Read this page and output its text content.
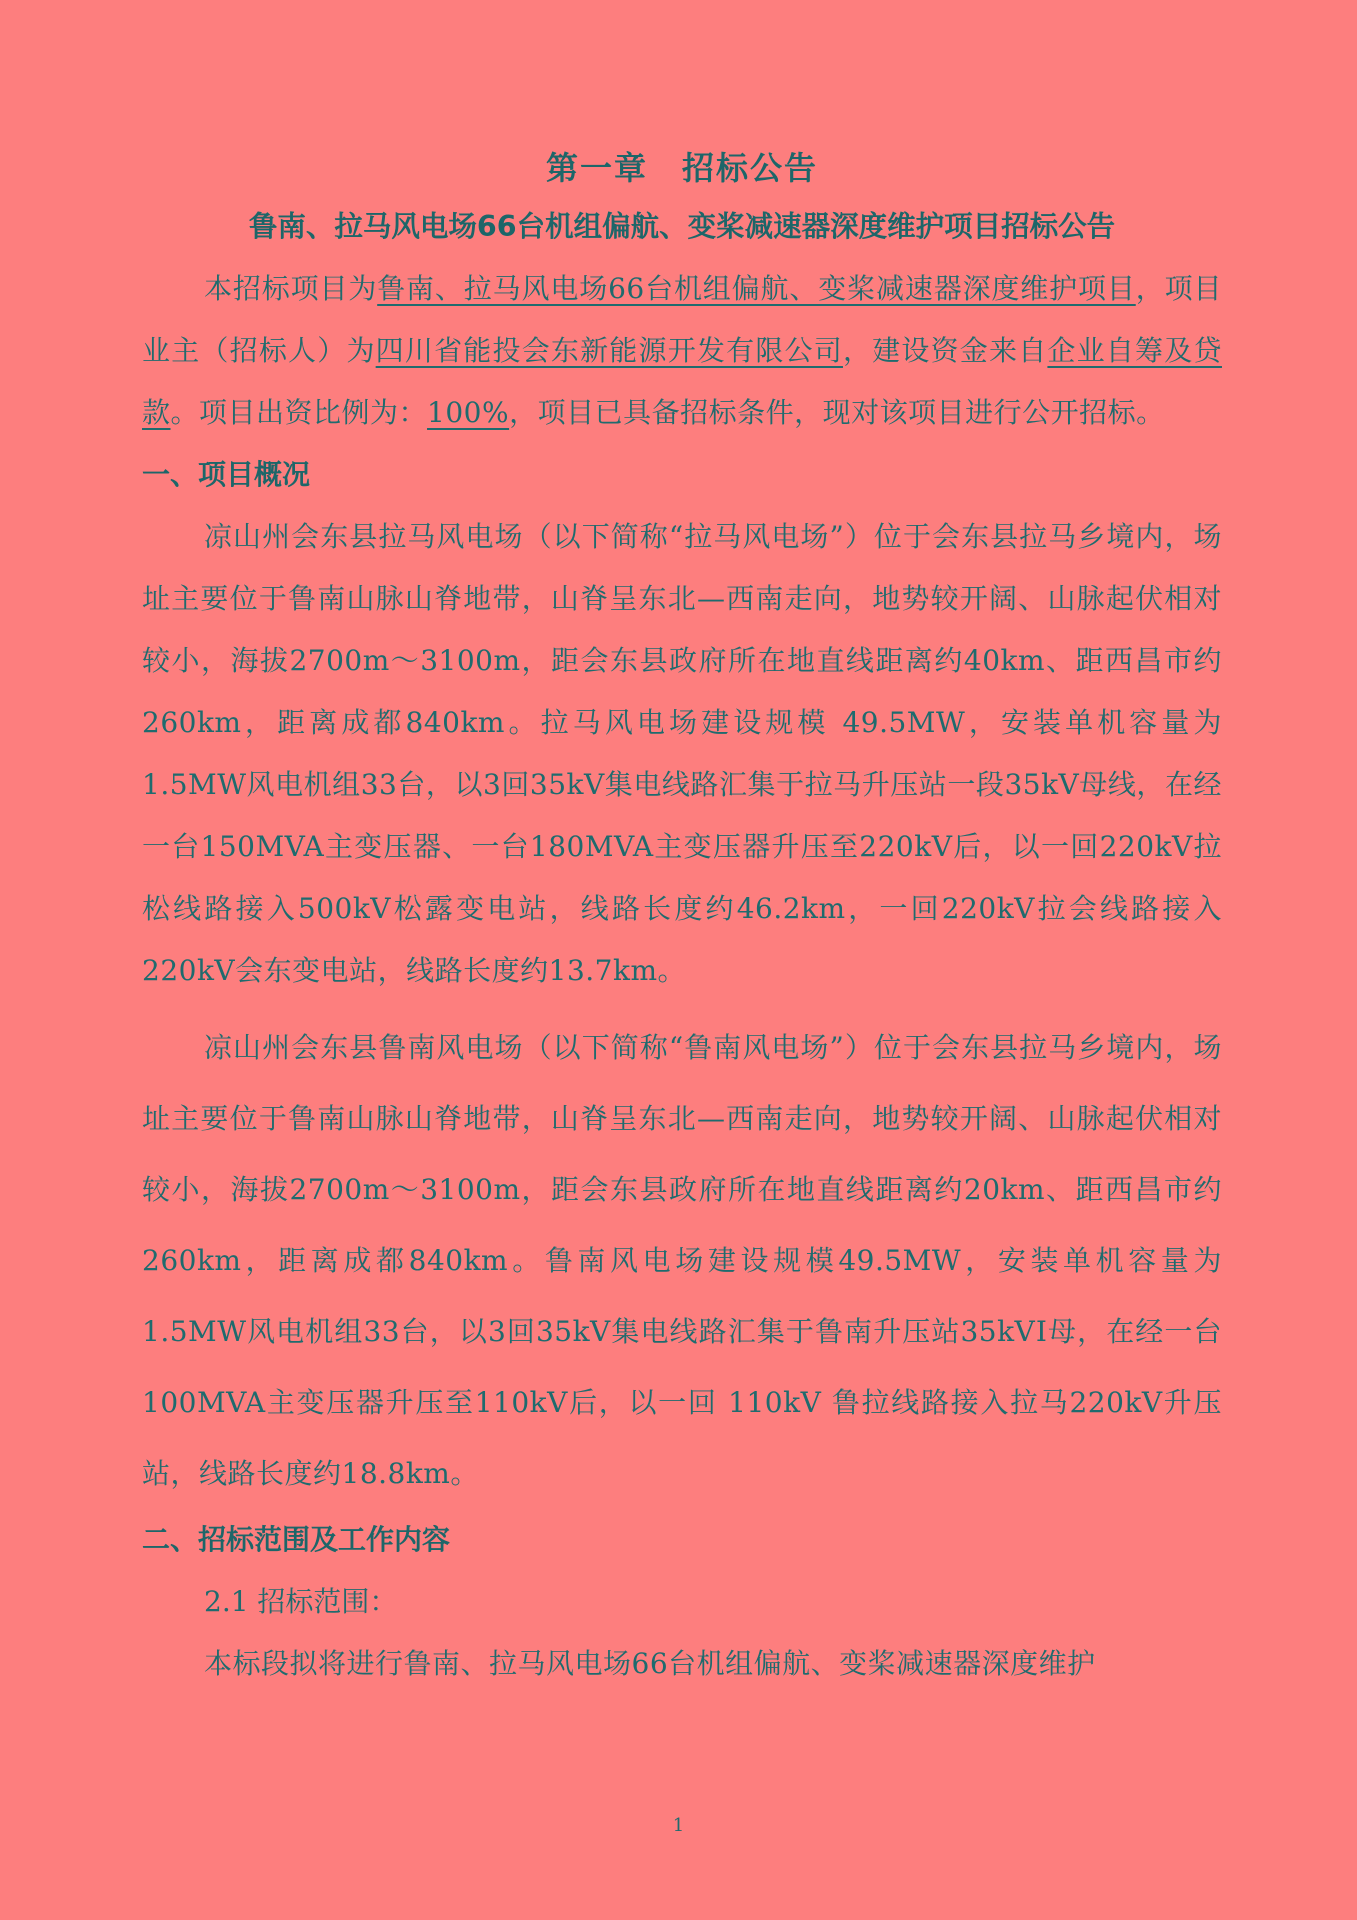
第一章　招标公告
鲁南、拉马风电场66台机组偏航、变桨减速器深度维护项目招标公告

本招标项目为鲁南、拉马风电场66台机组偏航、变桨减速器深度维护项目，项目业主（招标人）为四川省能投会东新能源开发有限公司，建设资金来自企业自筹及贷款。项目出资比例为：100%，项目已具备招标条件，现对该项目进行公开招标。

一、项目概况

凉山州会东县拉马风电场（以下简称“拉马风电场”）位于会东县拉马乡境内，场址主要位于鲁南山脉山脊地带，山脊呈东北—西南走向，地势较开阔、山脉起伏相对较小，海拔2700m～3100m，距会东县政府所在地直线距离约40km、距西昌市约260km，距离成都840km。拉马风电场建设规模 49.5MW，安装单机容量为1.5MW风电机组33台，以3回35kV集电线路汇集于拉马升压站一段35kV母线，在经一台150MVA主变压器、一台180MVA主变压器升压至220kV后，以一回220kV拉松线路接入500kV松露变电站，线路长度约46.2km，一回220kV拉会线路接入220kV会东变电站，线路长度约13.7km。

凉山州会东县鲁南风电场（以下简称“鲁南风电场”）位于会东县拉马乡境内，场址主要位于鲁南山脉山脊地带，山脊呈东北—西南走向，地势较开阔、山脉起伏相对较小，海拔2700m～3100m，距会东县政府所在地直线距离约20km、距西昌市约260km，距离成都840km。鲁南风电场建设规模49.5MW，安装单机容量为1.5MW风电机组33台，以3回35kV集电线路汇集于鲁南升压站35kVⅠ母，在经一台100MVA主变压器升压至110kV后，以一回 110kV 鲁拉线路接入拉马220kV升压站，线路长度约18.8km。

二、招标范围及工作内容

2.1 招标范围：

本标段拟将进行鲁南、拉马风电场66台机组偏航、变桨减速器深度维护

1
